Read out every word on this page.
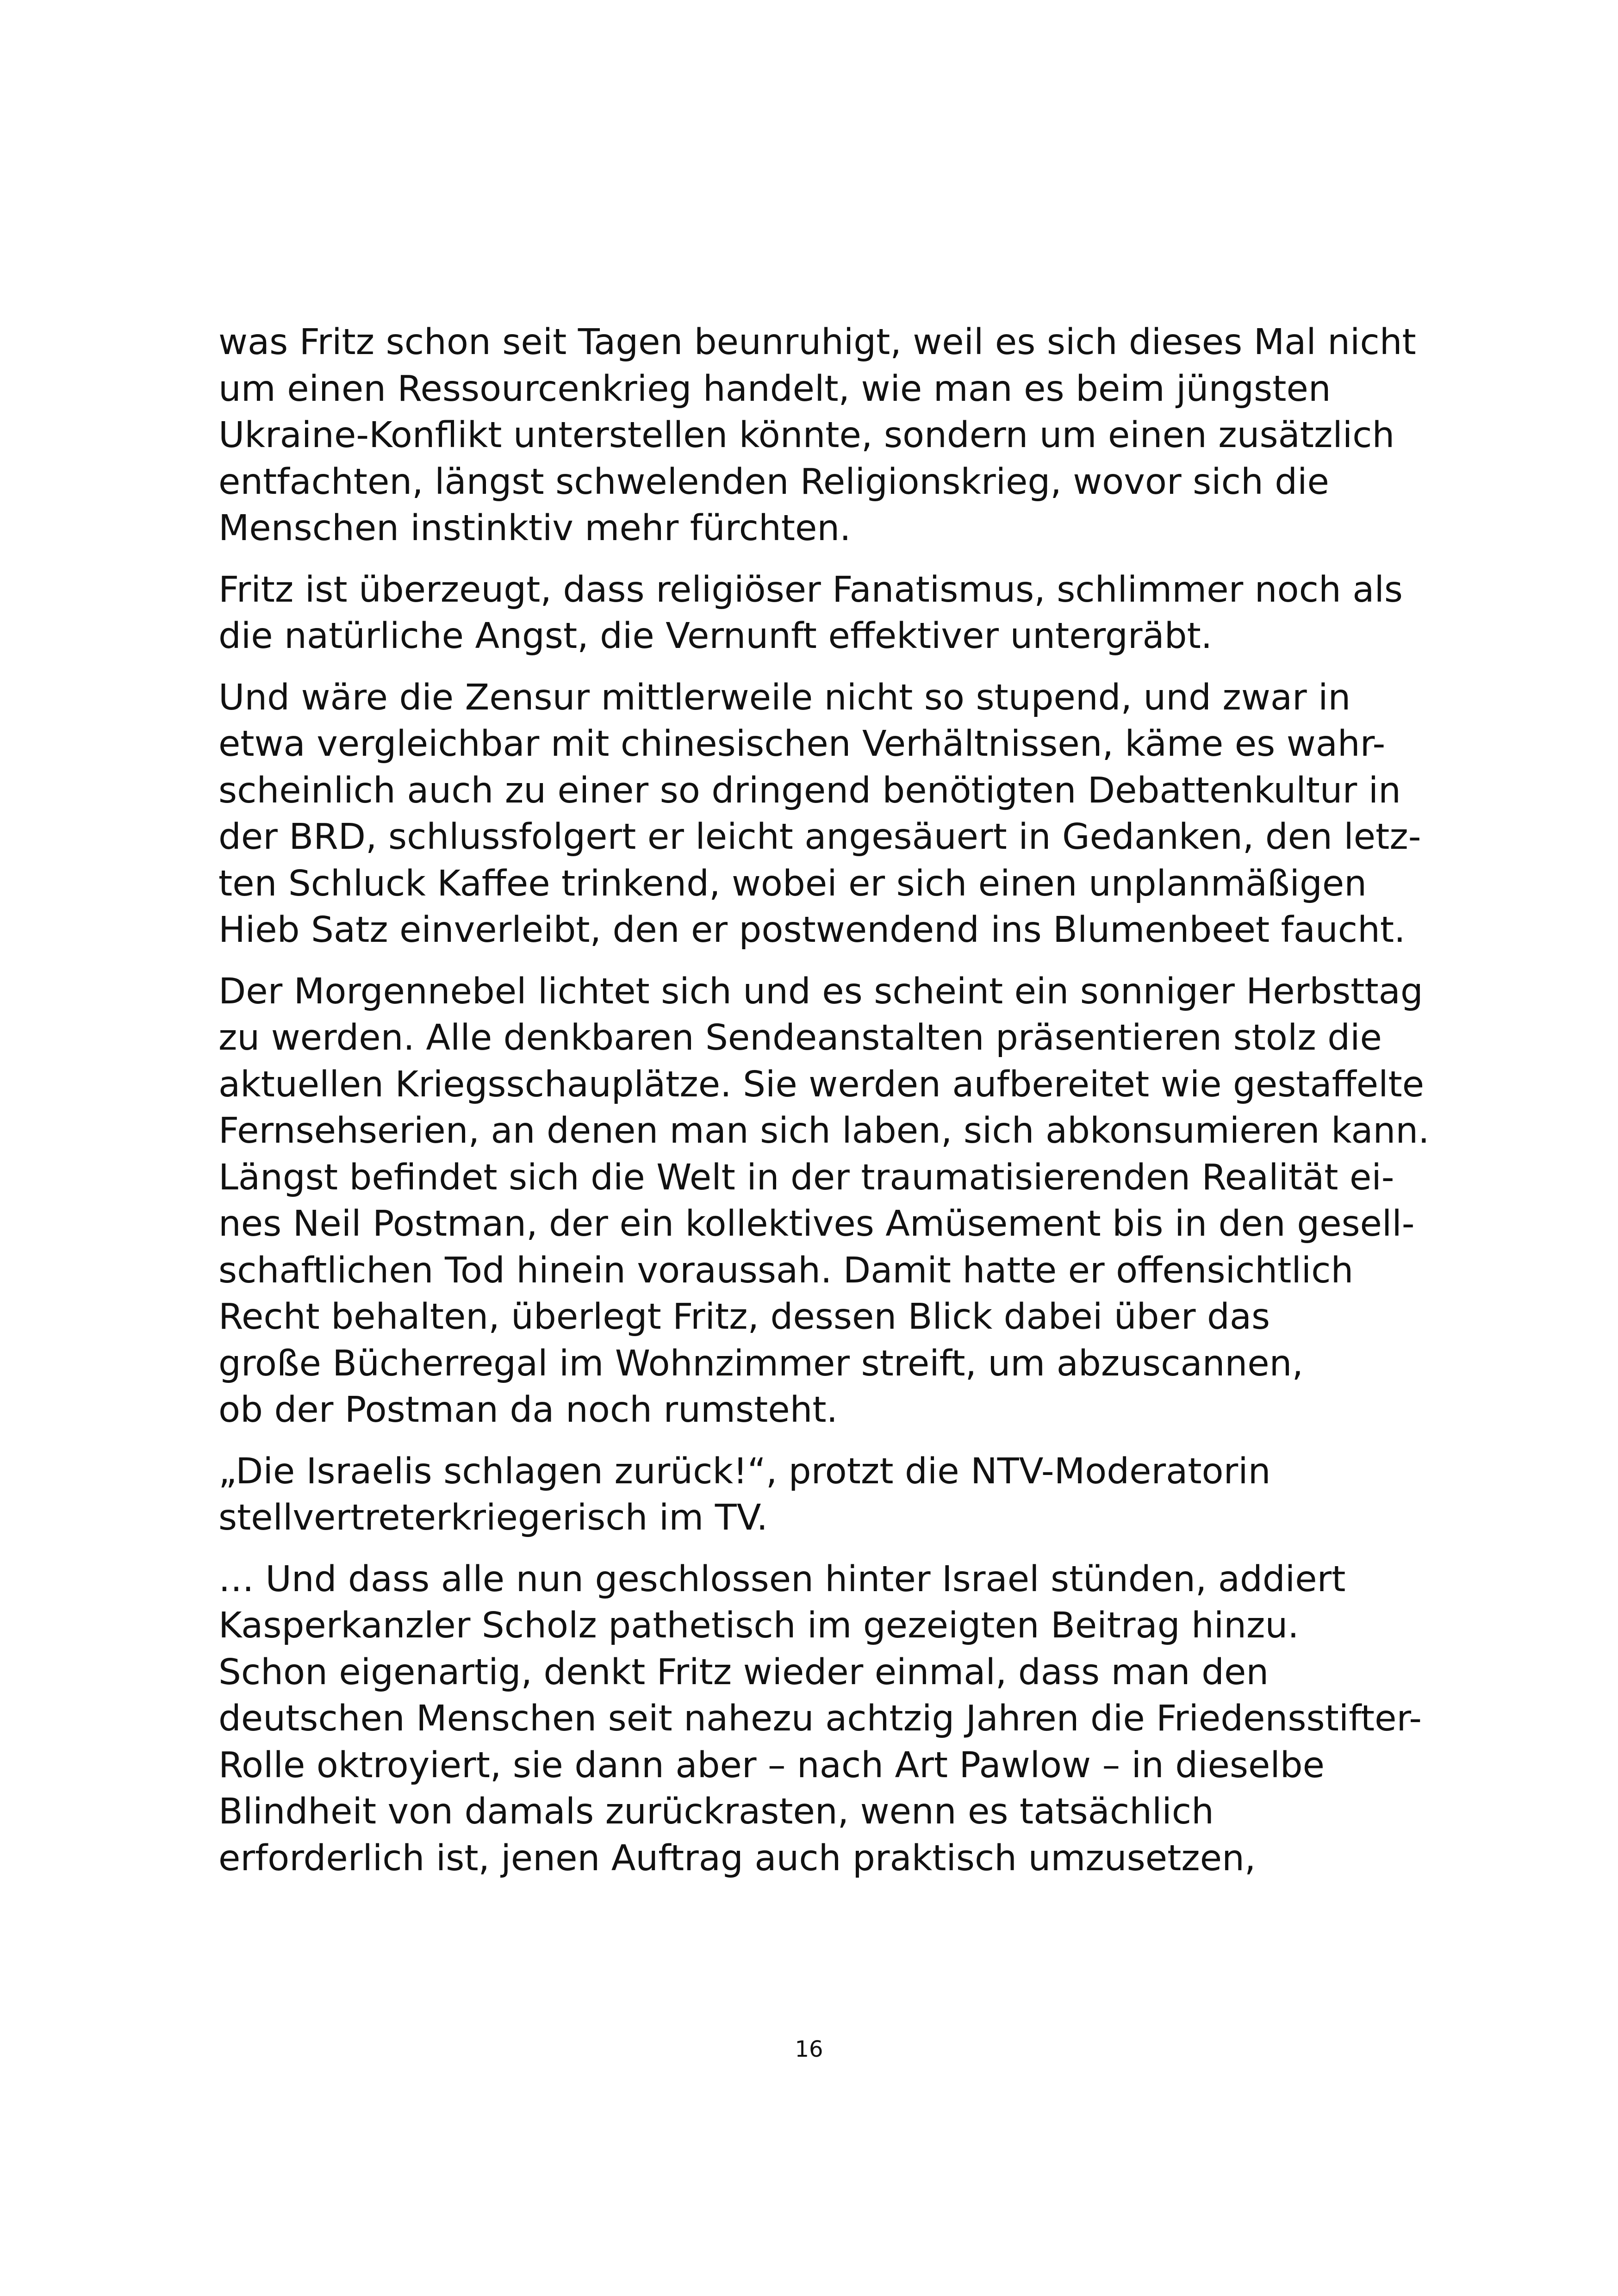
was Fritz schon seit Tagen beunruhigt, weil es sich dieses Mal nicht
um einen Ressourcenkrieg handelt, wie man es beim jüngsten
Ukraine-Konflikt unterstellen könnte, sondern um einen zusätzlich
entfachten, längst schwelenden Religionskrieg, wovor sich die
Menschen instinktiv mehr fürchten.
Fritz ist überzeugt, dass religiöser Fanatismus, schlimmer noch als
die natürliche Angst, die Vernunft effektiver untergräbt.
Und wäre die Zensur mittlerweile nicht so stupend, und zwar in
etwa vergleichbar mit chinesischen Verhältnissen, käme es wahr-
scheinlich auch zu einer so dringend benötigten Debattenkultur in
der BRD, schlussfolgert er leicht angesäuert in Gedanken, den letz-
ten Schluck Kaffee trinkend, wobei er sich einen unplanmäßigen
Hieb Satz einverleibt, den er postwendend ins Blumenbeet faucht.
Der Morgennebel lichtet sich und es scheint ein sonniger Herbsttag
zu werden. Alle denkbaren Sendeanstalten präsentieren stolz die
aktuellen Kriegsschauplätze. Sie werden aufbereitet wie gestaffelte
Fernsehserien, an denen man sich laben, sich abkonsumieren kann.
Längst befindet sich die Welt in der traumatisierenden Realität ei-
nes Neil Postman, der ein kollektives Amüsement bis in den gesell-
schaftlichen Tod hinein voraussah. Damit hatte er offensichtlich
Recht behalten, überlegt Fritz, dessen Blick dabei über das
große Bücherregal im Wohnzimmer streift, um abzuscannen,
ob der Postman da noch rumsteht.
„Die Israelis schlagen zurück!“, protzt die NTV-Moderatorin
stellvertreterkriegerisch im TV.
… Und dass alle nun geschlossen hinter Israel stünden, addiert
Kasperkanzler Scholz pathetisch im gezeigten Beitrag hinzu.
Schon eigenartig, denkt Fritz wieder einmal, dass man den
deutschen Menschen seit nahezu achtzig Jahren die Friedensstifter-
Rolle oktroyiert, sie dann aber – nach Art Pawlow – in dieselbe
Blindheit von damals zurückrasten, wenn es tatsächlich
erforderlich ist, jenen Auftrag auch praktisch umzusetzen,
16
